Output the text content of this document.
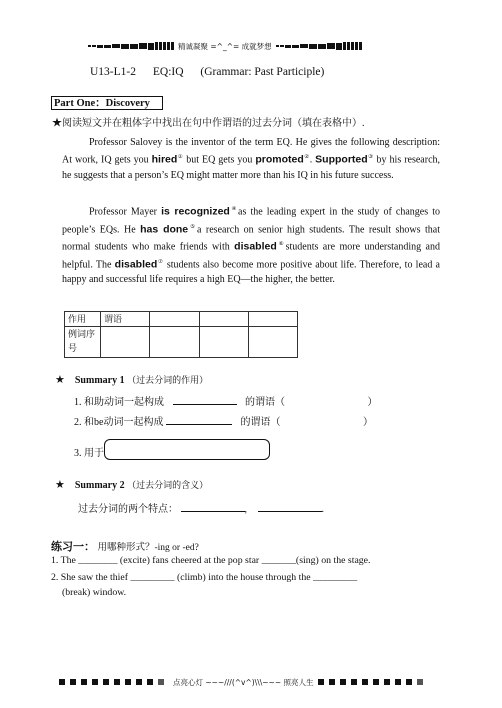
精诚凝聚 =^_^= 成就梦想
U13-L1-2 EQ:IQ (Grammar: Past Participle)
Part One：Discovery
★阅读短文并在粗体字中找出在句中作谓语的过去分词（填在表格中）.
Professor Salovey is the inventor of the term EQ. He gives the following description: At work, IQ gets you hired① but EQ gets you promoted②. Supported③ by his research, he suggests that a person’s EQ might matter more than his IQ in his future success.
Professor Mayer is recognized④as the leading expert in the study of changes to people’s EQs. He has done⑤a research on senior high students. The result shows that normal students who make friends with disabled⑥students are more understanding and helpful. The disabled⑦ students also become more positive about life. Therefore, to lead a happy and successful life requires a high EQ—the higher, the better.
作用	谓语			
例词序号				
★ Summary 1 （过去分词的作用）
1. 和助动词一起构成	的谓语（	）
2. 和be动词一起构成	的谓语（	）
3. 用于
★ Summary 2 （过去分词的含义）
过去分词的两个特点：	,	.
练习一： 用哪种形式？-ing or -ed?
1. The ________ (excite) fans cheered at the pop star _______(sing) on the stage.
2. She saw the thief _________ (climb) into the house through the _________
(break) window.
点亮心灯 ~~~///(^v^)\\\~~~ 照亮人生
